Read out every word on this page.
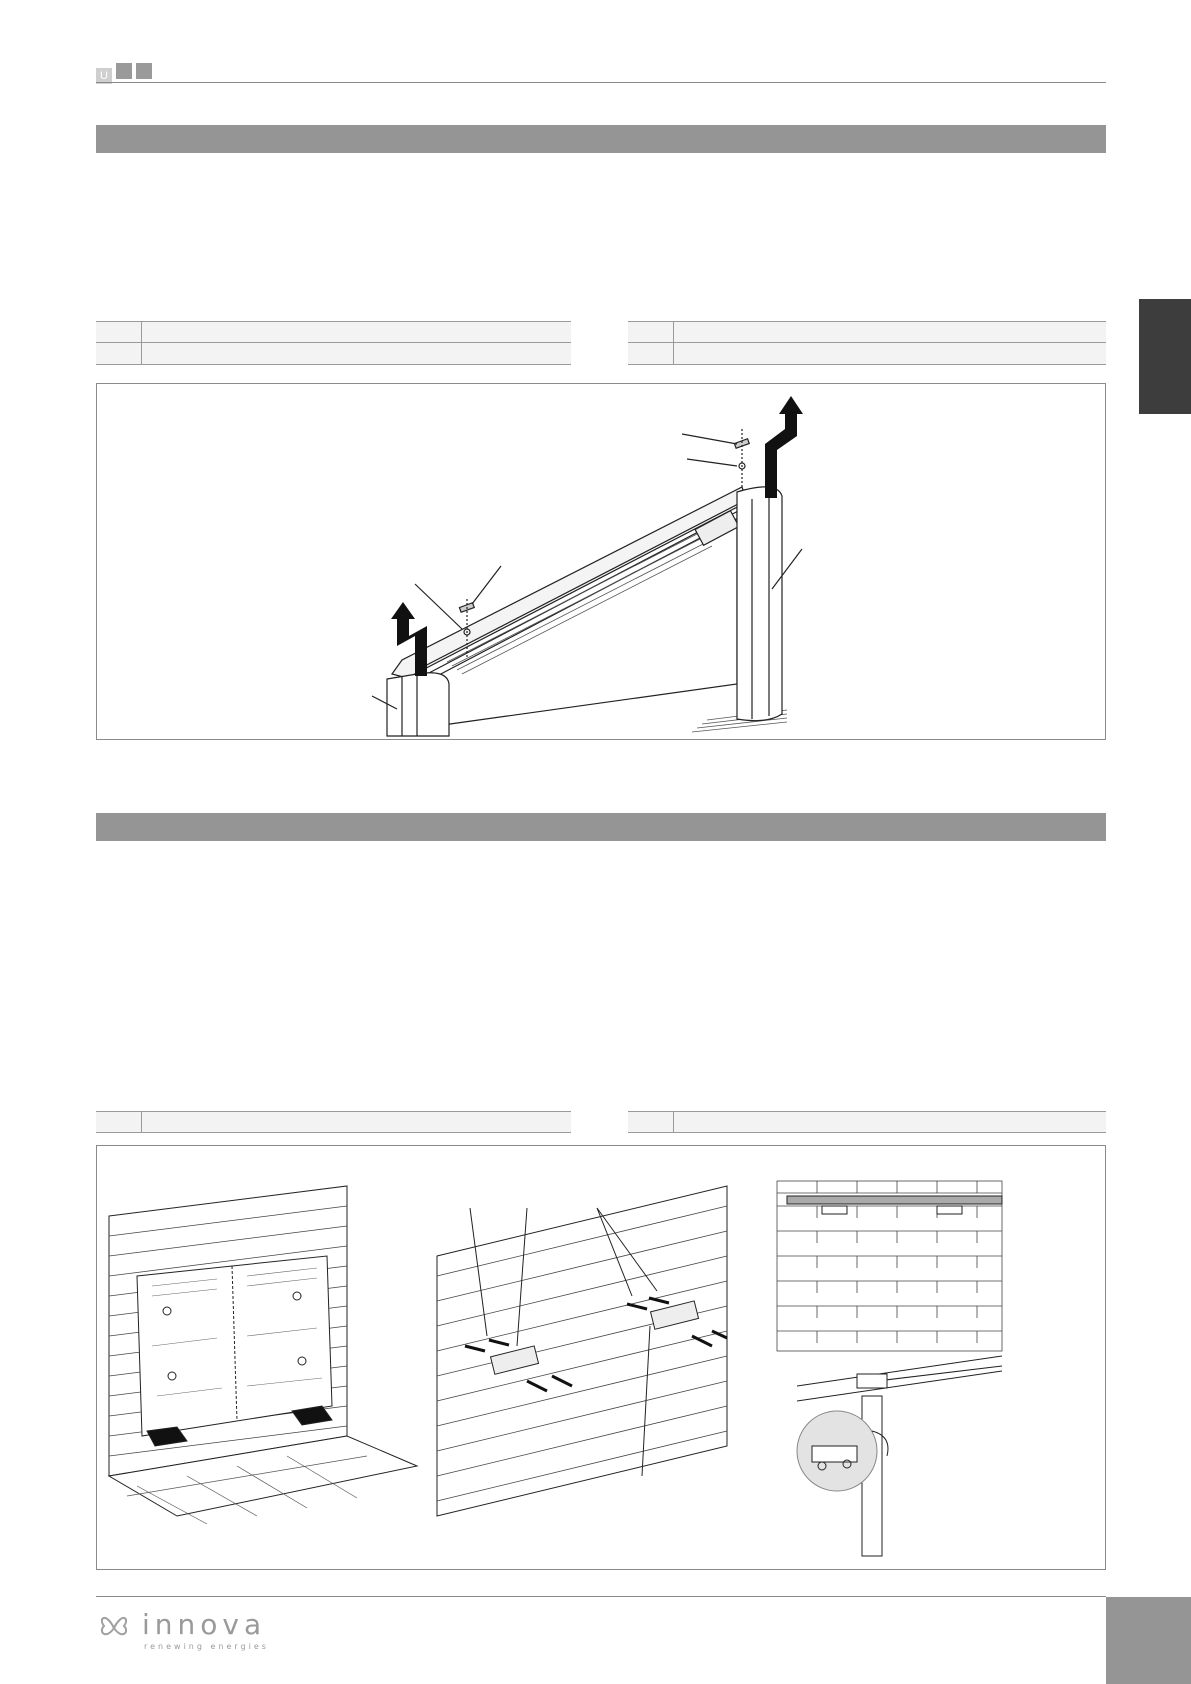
U
innova
renewing energies
